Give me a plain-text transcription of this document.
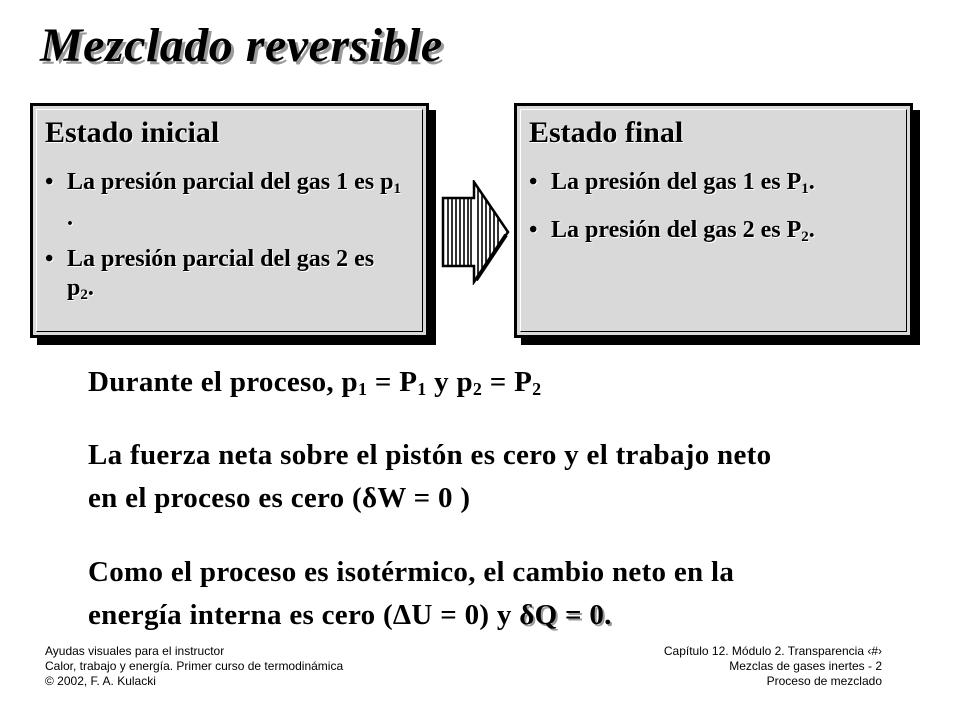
Mezclado reversible
Estado inicial
• La presión parcial del gas 1 es $p_1$ .
• La presión parcial del gas 2 es $p_2$.
Estado final
• La presión del gas 1 es $P_1$.
• La presión del gas 2 es $P_2$.
Durante el proceso, $p_1 = P_1$ y $p_2 = P_2$
La fuerza neta sobre el pistón es cero y el trabajo neto
en el proceso es cero (δW = 0 )
Como el proceso es isotérmico, el cambio neto en la
energía interna es cero (ΔU = 0) y δQ = 0.
Ayudas visuales para el instructor
Calor, trabajo y energía. Primer curso de termodinámica
© 2002, F. A. Kulacki
Capítulo 12. Módulo 2. Transparencia ‹#›
Mezclas de gases inertes - 2
Proceso de mezclado
